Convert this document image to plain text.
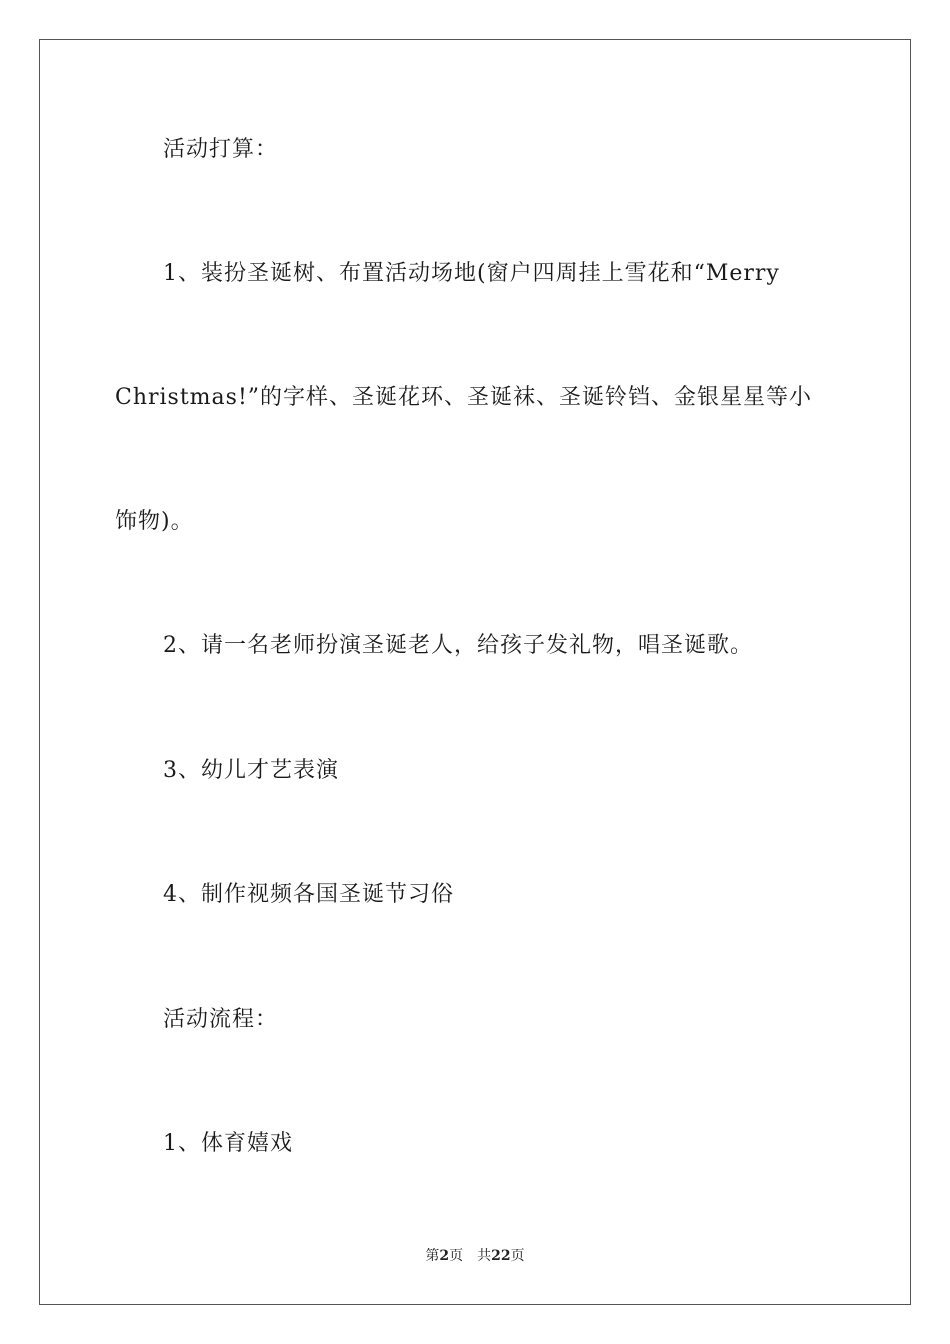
活动打算：
1、装扮圣诞树、布置活动场地(窗户四周挂上雪花和“Merry
Christmas!”的字样、圣诞花环、圣诞袜、圣诞铃铛、金银星星等小
饰物)。
2、请一名老师扮演圣诞老人，给孩子发礼物，唱圣诞歌。
3、幼儿才艺表演
4、制作视频各国圣诞节习俗
活动流程：
1、体育嬉戏
第2页 共22页
